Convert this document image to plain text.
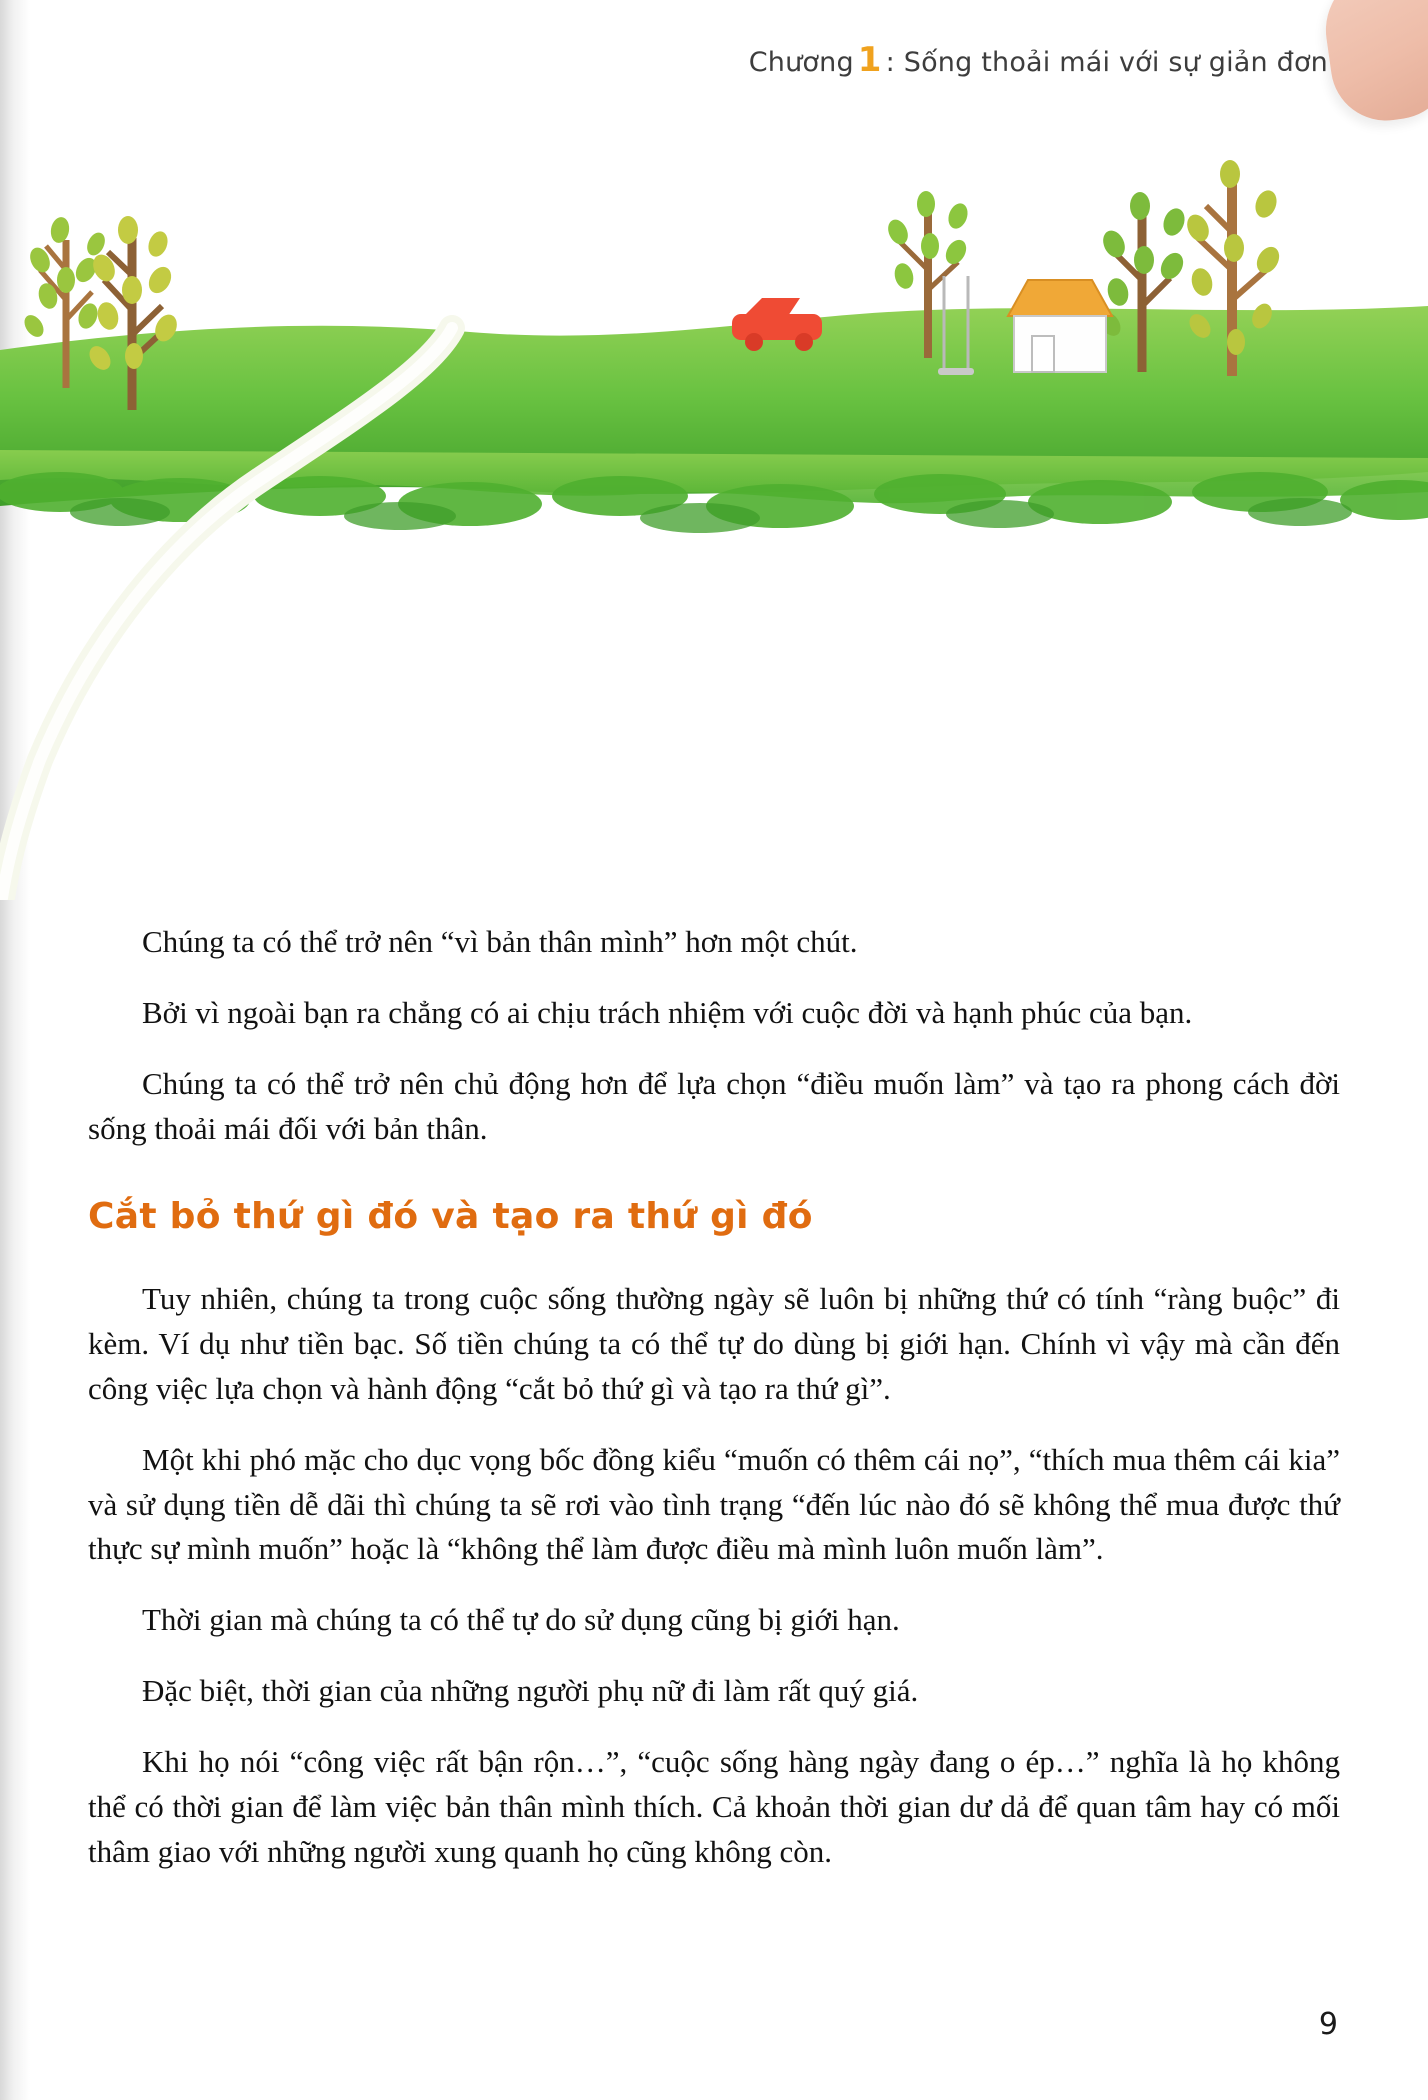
Chương 1 : Sống thoải mái với sự giản đơn

Chúng ta có thể trở nên “vì bản thân mình” hơn một chút.

Bởi vì ngoài bạn ra chẳng có ai chịu trách nhiệm với cuộc đời và hạnh phúc của bạn.

Chúng ta có thể trở nên chủ động hơn để lựa chọn “điều muốn làm” và tạo ra phong cách đời sống thoải mái đối với bản thân.

Cắt bỏ thứ gì đó và tạo ra thứ gì đó

Tuy nhiên, chúng ta trong cuộc sống thường ngày sẽ luôn bị những thứ có tính “ràng buộc” đi kèm. Ví dụ như tiền bạc. Số tiền chúng ta có thể tự do dùng bị giới hạn. Chính vì vậy mà cần đến công việc lựa chọn và hành động “cắt bỏ thứ gì và tạo ra thứ gì”.

Một khi phó mặc cho dục vọng bốc đồng kiểu “muốn có thêm cái nọ”, “thích mua thêm cái kia” và sử dụng tiền dễ dãi thì chúng ta sẽ rơi vào tình trạng “đến lúc nào đó sẽ không thể mua được thứ thực sự mình muốn” hoặc là “không thể làm được điều mà mình luôn muốn làm”.

Thời gian mà chúng ta có thể tự do sử dụng cũng bị giới hạn.

Đặc biệt, thời gian của những người phụ nữ đi làm rất quý giá.

Khi họ nói “công việc rất bận rộn…”, “cuộc sống hàng ngày đang o ép…” nghĩa là họ không thể có thời gian để làm việc bản thân mình thích. Cả khoản thời gian dư dả để quan tâm hay có mối thâm giao với những người xung quanh họ cũng không còn.

9
